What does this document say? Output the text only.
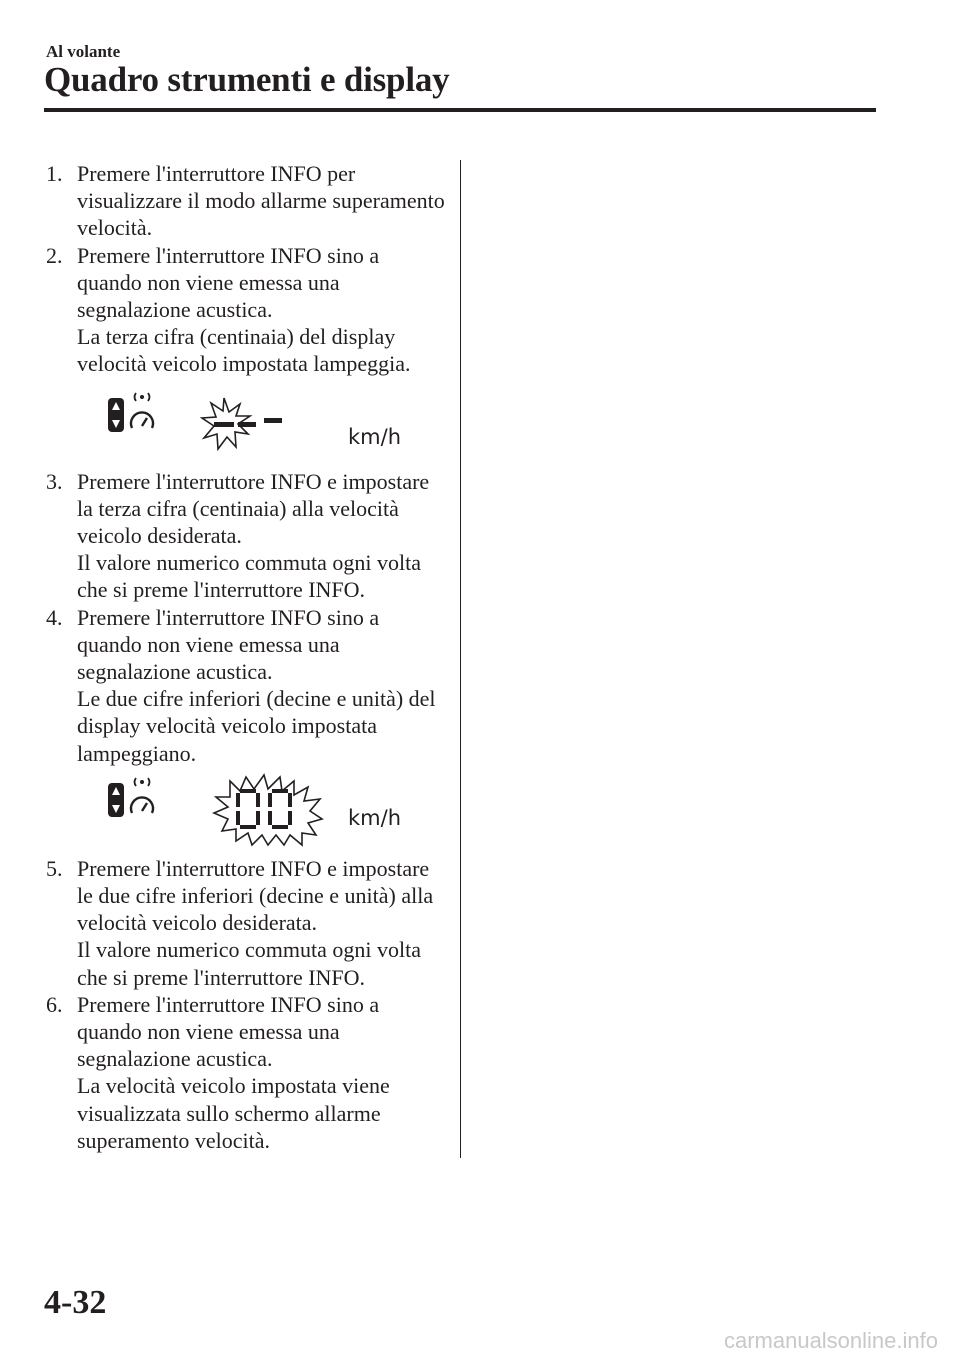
Al volante
Quadro strumenti e display
1. Premere l'interruttore INFO per visualizzare il modo allarme superamento velocità.

2. Premere l'interruttore INFO sino a quando non viene emessa una segnalazione acustica.

La terza cifra (centinaia) del display velocità veicolo impostata lampeggia.

km/h
3. Premere l'interruttore INFO e impostare la terza cifra (centinaia) alla velocità veicolo desiderata.

Il valore numerico commuta ogni volta che si preme l'interruttore INFO.

4. Premere l'interruttore INFO sino a quando non viene emessa una segnalazione acustica.

Le due cifre inferiori (decine e unità) del display velocità veicolo impostata lampeggiano.

km/h
5. Premere l'interruttore INFO e impostare le due cifre inferiori (decine e unità) alla velocità veicolo desiderata.

Il valore numerico commuta ogni volta che si preme l'interruttore INFO.

6. Premere l'interruttore INFO sino a quando non viene emessa una segnalazione acustica.

La velocità veicolo impostata viene visualizzata sullo schermo allarme superamento velocità.

4-32
carmanualsonline.info
